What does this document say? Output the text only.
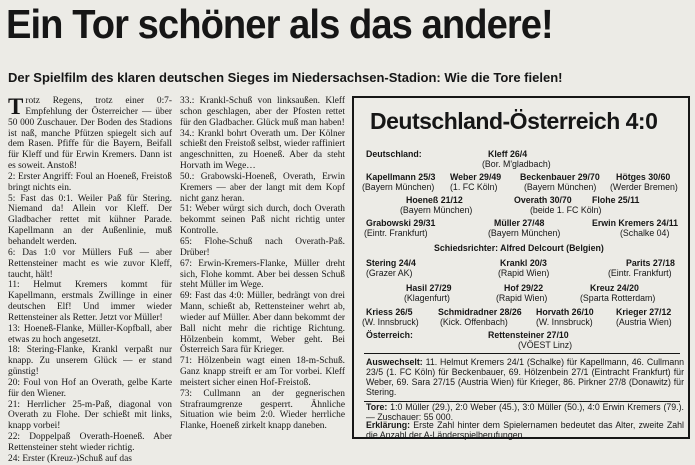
Ein Tor schöner als das andere!
Der Spielfilm des klaren deutschen Sieges im Niedersachsen-Stadion: Wie die Tore fielen!

Trotz Regens, trotz einer 0:7-Empfehlung der Österreicher — über 50 000 Zuschauer. Der Boden des Stadions ist naß, manche Pfützen spiegelt sich auf dem Rasen. Pfiffe für die Bayern, Beifall für Kleff und für Erwin Kremers. Dann ist es soweit. Anstoß!

2: Erster Angriff: Foul an Hoeneß, Freistoß bringt nichts ein.

5: Fast das 0:1. Weiler Paß für Stering. Niemand da! Allein vor Kleff. Der Gladbacher rettet mit kühner Parade. Kapellmann an der Außenlinie, muß behandelt werden.

6: Das 1:0 vor Müllers Fuß — aber Rettensteiner macht es wie zuvor Kleff, taucht, hält!

11: Helmut Kremers kommt für Kapellmann, erstmals Zwillinge in einer deutschen Elf! Und immer wieder Rettensteiner als Retter. Jetzt vor Müller!

13: Hoeneß-Flanke, Müller-Kopfball, aber etwas zu hoch angesetzt.

18: Stering-Flanke, Krankl verpaßt nur knapp. Zu unserem Glück — er stand günstig!

20: Foul von Hof an Overath, gelbe Karte für den Wiener.

21: Herrlicher 25-m-Paß, diagonal von Overath zu Flohe. Der schießt mit links, knapp vorbei!

22: Doppelpaß Overath-Hoeneß. Aber Rettensteiner steht wieder richtig.

24: Erster (Kreuz-)Schuß auf das

33.: Krankl-Schuß von linksaußen. Kleff schon geschlagen, aber der Pfosten rettet für den Gladbacher. Glück muß man haben!

34.: Krankl bohrt Overath um. Der Kölner schießt den Freistoß selbst, wieder raffiniert angeschnitten, zu Hoeneß. Aber da steht Horvath im Wege…

50.: Grabowski-Hoeneß, Overath, Erwin Kremers — aber der langt mit dem Kopf nicht ganz heran.

51: Weber würgt sich durch, doch Overath bekommt seinen Paß nicht richtig unter Kontrolle.

65: Flohe-Schuß nach Overath-Paß. Drüber!

67: Erwin-Kremers-Flanke, Müller dreht sich, Flohe kommt. Aber bei dessen Schuß steht Müller im Wege.

69: Fast das 4:0: Müller, bedrängt von drei Mann, schießt ab, Rettensteiner wehrt ab, wieder auf Müller. Aber dann bekommt der Ball nicht mehr die richtige Richtung. Hölzenbein kommt, Weber geht. Bei Österreich Sara für Krieger.

71: Hölzenbein wagt einen 18-m-Schuß. Ganz knapp streift er am Tor vorbei. Kleff meistert sicher einen Hof-Freistoß.

73: Cullmann an der gegnerischen Strafraumgrenze gesperrt. Ähnliche Situation wie beim 2:0. Wieder herrliche Flanke, Hoeneß zirkelt knapp daneben.

Deutschland-Österreich 4:0
Deutschland:	Kleff 26/4
(Bor. M'gladbach)
Kapellmann 25/3 Weber 29/49 Beckenbauer 29/70 Hötges 30/60
(Bayern München) (1. FC Köln)	(Bayern München) (Werder Bremen)
Hoeneß 21/12	Overath 30/70 Flohe 25/11
(Bayern München)	(beide 1. FC Köln)
Grabowski 29/31	Müller 27/48	Erwin Kremers 24/11
(Eintr. Frankfurt)	(Bayern München)	(Schalke 04)
Schiedsrichter: Alfred Delcourt (Belgien)
Stering 24/4	Krankl 20/3	Parits 27/18
(Grazer AK)	(Rapid Wien)	(Eintr. Frankfurt)
Hasil 27/29	Hof 29/22	Kreuz 24/20
(Klagenfurt)	(Rapid Wien)	(Sparta Rotterdam)
Kriess 26/5	Schmidradner 28/26 Horvath 26/10	Krieger 27/12
(W. Innsbruck) (Kick. Offenbach)	(W. Innsbruck)	(Austria Wien)
Österreich:	Rettensteiner 27/10
(VÖEST Linz)
Auswechselt: 11. Helmut Kremers 24/1 (Schalke) für Kapellmann, 46. Cullmann 23/5 (1. FC Köln) für Beckenbauer, 69. Hölzenbein 27/1 (Eintracht Frankfurt) für Weber, 69. Sara 27/15 (Austria Wien) für Krieger, 86. Pirkner 27/8 (Donawitz) für Stering.
Tore: 1:0 Müller (29.), 2:0 Weber (45.), 3:0 Müller (50.), 4:0 Erwin Kremers (79.). — Zuschauer: 55 000.
Erklärung: Erste Zahl hinter dem Spielernamen bedeutet das Alter, zweite Zahl die Anzahl der A-Länderspielberufungen.
